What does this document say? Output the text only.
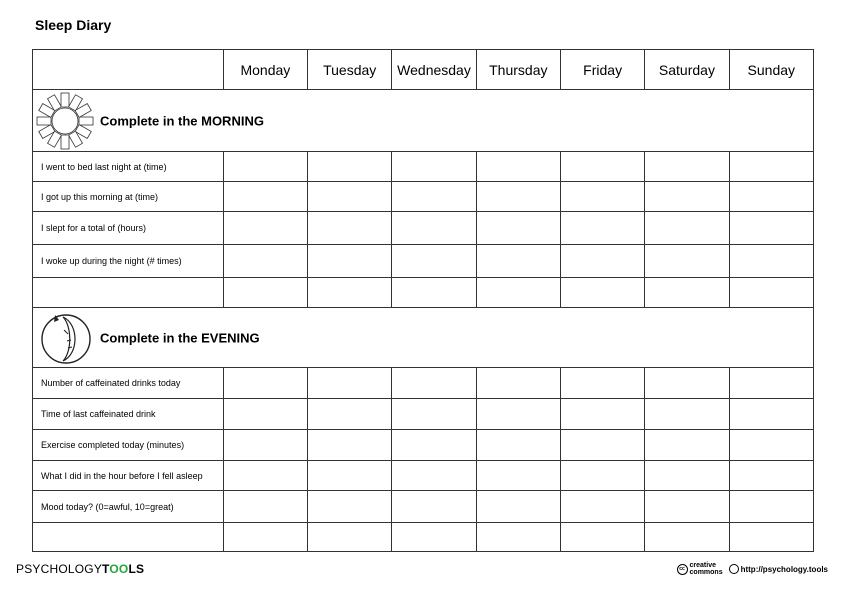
Sleep Diary
	Monday	Tuesday	Wednesday	Thursday	Friday	Saturday	Sunday

Complete in the MORNING							

I went to bed last night at (time)							
I got up this morning at (time)							
I slept for a total of (hours)							
I woke up during the night (# times)							

Complete in the EVENING							

Number of caffeinated drinks today							
Time of last caffeinated drink							
Exercise completed today (minutes)							
What I did in the hour before I fell asleep							
Mood today? (0=awful, 10=great)							

PSYCHOLOGYTOOLS	cc creative
commons http://psychology.tools
